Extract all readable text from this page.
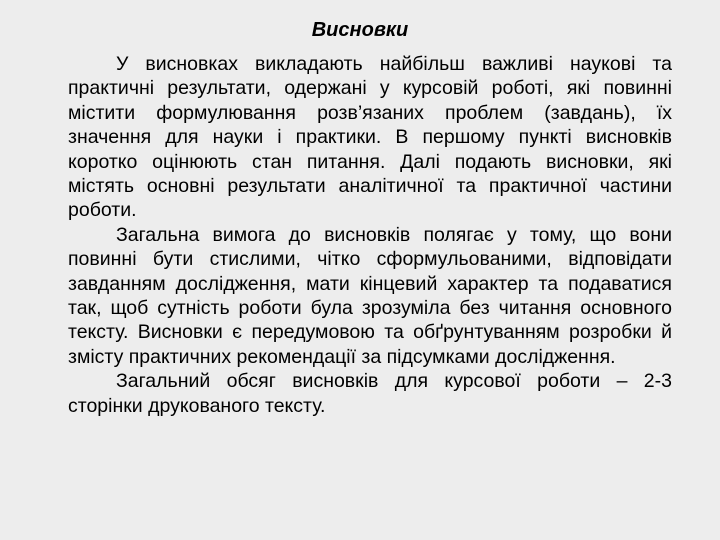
Висновки

У висновках викладають найбільш важливі наукові та практичні результати, одержані у курсовій роботі, які повинні містити формулювання розв’язаних проблем (завдань), їх значення для науки і практики. В першому пункті висновків коротко оцінюють стан питання. Далі подають висновки, які містять основні результати аналітичної та практичної частини роботи.

Загальна вимога до висновків полягає у тому, що вони повинні бути стислими, чітко сформульованими, відповідати завданням дослідження, мати кінцевий характер та подаватися так, щоб сутність роботи була зрозуміла без читання основного тексту. Висновки є передумовою та обґрунтуванням розробки й змісту практичних рекомендації за підсумками дослідження.

Загальний обсяг висновків для курсової роботи – 2-3 сторінки друкованого тексту.
